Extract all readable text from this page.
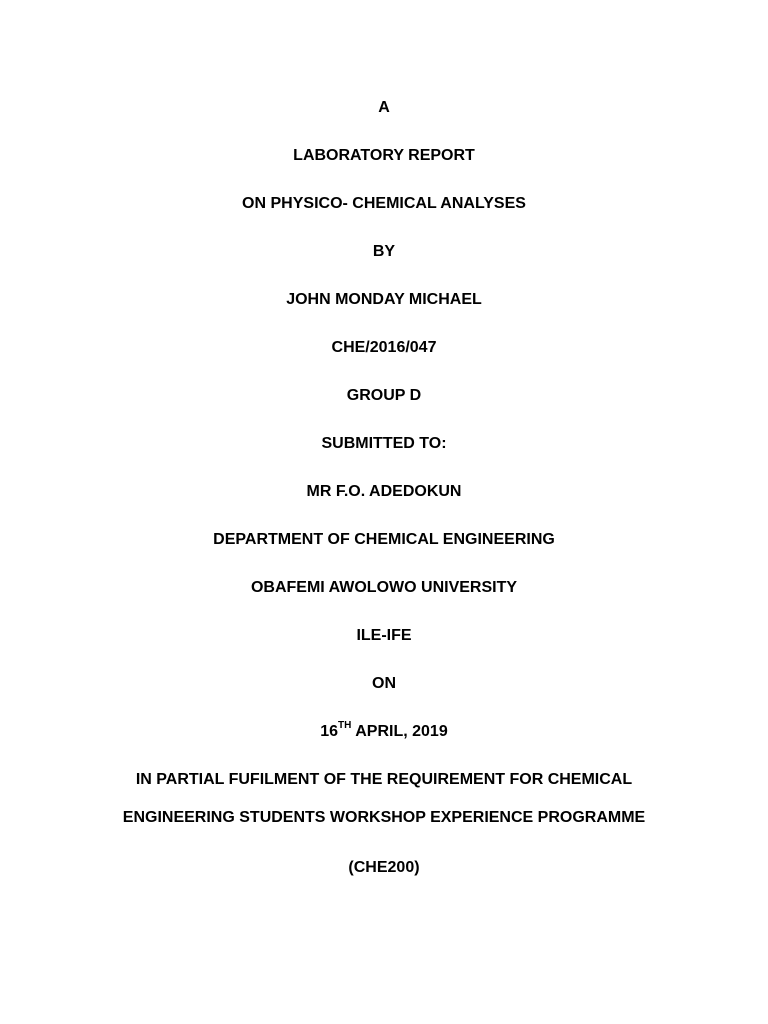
A
LABORATORY REPORT
ON PHYSICO- CHEMICAL ANALYSES
BY
JOHN MONDAY MICHAEL
CHE/2016/047
GROUP D
SUBMITTED TO:
MR F.O. ADEDOKUN
DEPARTMENT OF CHEMICAL ENGINEERING
OBAFEMI AWOLOWO UNIVERSITY
ILE-IFE
ON
16TH APRIL, 2019
IN PARTIAL FUFILMENT OF THE REQUIREMENT FOR CHEMICAL
ENGINEERING STUDENTS WORKSHOP EXPERIENCE PROGRAMME
(CHE200)
